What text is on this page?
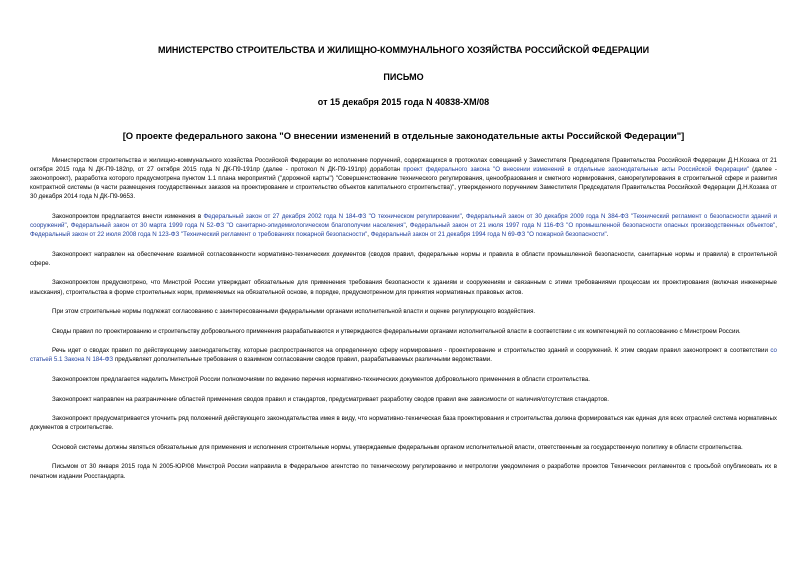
МИНИСТЕРСТВО СТРОИТЕЛЬСТВА И ЖИЛИЩНО-КОММУНАЛЬНОГО ХОЗЯЙСТВА РОССИЙСКОЙ ФЕДЕРАЦИИ
ПИСЬМО
от 15 декабря 2015 года N 40838-ХМ/08
[О проекте федерального закона "О внесении изменений в отдельные законодательные акты Российской Федерации"]

Министерством строительства и жилищно-коммунального хозяйства Российской Федерации во исполнение поручений, содержащихся в протоколах совещаний у Заместителя Председателя Правительства Российской Федерации Д.Н.Козака от 21 октября 2015 года N ДК-П9-182пр, от 27 октября 2015 года N ДК-П9-191пр (далее - протокол N ДК-П9-191пр) доработан проект федерального закона "О внесении изменений в отдельные законодательные акты Российской Федерации" (далее - законопроект), разработка которого предусмотрена пунктом 1.1 плана мероприятий ("дорожной карты") "Совершенствование технического регулирования, ценообразования и сметного нормирования, саморегулирования в строительной сфере и развития контрактной системы (в части размещения государственных заказов на проектирование и строительство объектов капитального строительства)", утвержденного поручением Заместителя Председателя Правительства Российской Федерации Д.Н.Козака от 30 декабря 2014 года N ДК-П9-9653.

Законопроектом предлагается внести изменения в Федеральный закон от 27 декабря 2002 года N 184-ФЗ "О техническом регулировании", Федеральный закон от 30 декабря 2009 года N 384-ФЗ "Технический регламент о безопасности зданий и сооружений", Федеральный закон от 30 марта 1999 года N 52-ФЗ "О санитарно-эпидемиологическом благополучии населения", Федеральный закон от 21 июля 1997 года N 116-ФЗ "О промышленной безопасности опасных производственных объектов", Федеральный закон от 22 июля 2008 года N 123-ФЗ "Технический регламент о требованиях пожарной безопасности", Федеральный закон от 21 декабря 1994 года N 69-ФЗ "О пожарной безопасности".

Законопроект направлен на обеспечение взаимной согласованности нормативно-технических документов (сводов правил, федеральные нормы и правила в области промышленной безопасности, санитарные нормы и правила) в строительной сфере.

Законопроектом предусмотрено, что Минстрой России утверждает обязательные для применения требования безопасности к зданиям и сооружениям и связанным с этими требованиями процессам их проектирования (включая инженерные изыскания), строительства в форме строительных норм, применяемых на обязательной основе, в порядке, предусмотренном для принятия нормативных правовых актов.

При этом строительные нормы подлежат согласованию с заинтересованными федеральными органами исполнительной власти и оценке регулирующего воздействия.

Своды правил по проектированию и строительству добровольного применения разрабатываются и утверждаются федеральными органами исполнительной власти в соответствии с их компетенцией по согласованию с Минстроем России.

Речь идет о сводах правил по действующему законодательству, которые распространяются на определенную сферу нормирования - проектирование и строительство зданий и сооружений. К этим сводам правил законопроект в соответствии со статьей 5.1 Закона N 184-ФЗ предъявляет дополнительные требования о взаимном согласовании сводов правил, разрабатываемых различными ведомствами.

Законопроектом предлагается наделить Минстрой России полномочиями по ведению перечня нормативно-технических документов добровольного применения в области строительства.

Законопроект направлен на разграничение областей применения сводов правил и стандартов, предусматривает разработку сводов правил вне зависимости от наличия/отсутствия стандартов.

Законопроект предусматривается уточнить ряд положений действующего законодательства имея в виду, что нормативно-техническая база проектирования и строительства должна формироваться как единая для всех отраслей система нормативных документов в строительстве.

Основой системы должны являться обязательные для применения и исполнения строительные нормы, утверждаемые федеральным органом исполнительной власти, ответственным за государственную политику в области строительства.

Письмом от 30 января 2015 года N 2005-ЮР/08 Минстрой России направила в Федеральное агентство по техническому регулированию и метрологии уведомления о разработке проектов Технических регламентов с просьбой опубликовать их в печатном издании Росстандарта.
